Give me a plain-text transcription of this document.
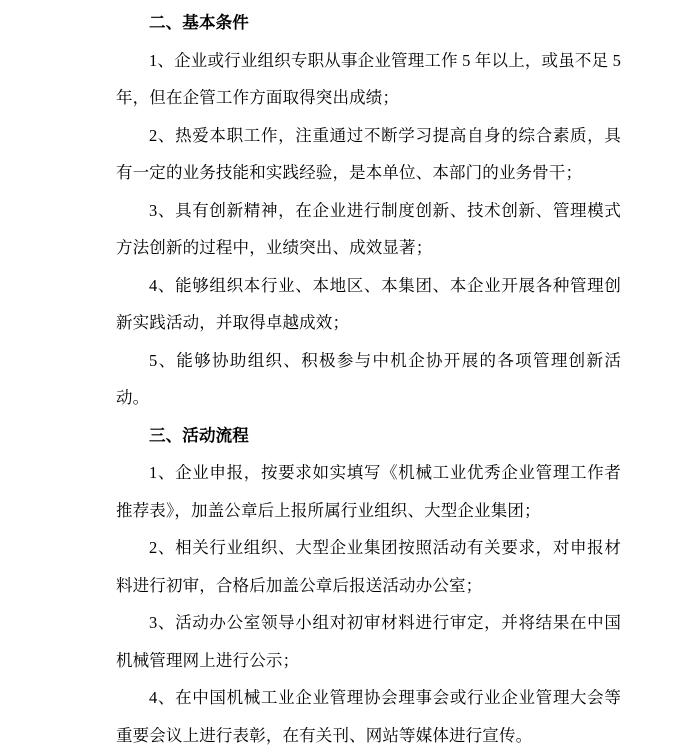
二、基本条件

1、企业或行业组织专职从事企业管理工作 5 年以上，或虽不足 5 年，但在企管工作方面取得突出成绩；

2、热爱本职工作，注重通过不断学习提高自身的综合素质，具有一定的业务技能和实践经验，是本单位、本部门的业务骨干；

3、具有创新精神，在企业进行制度创新、技术创新、管理模式方法创新的过程中，业绩突出、成效显著；

4、能够组织本行业、本地区、本集团、本企业开展各种管理创新实践活动，并取得卓越成效；

5、能够协助组织、积极参与中机企协开展的各项管理创新活动。

三、活动流程

1、企业申报，按要求如实填写《机械工业优秀企业管理工作者推荐表》，加盖公章后上报所属行业组织、大型企业集团；

2、相关行业组织、大型企业集团按照活动有关要求，对申报材料进行初审，合格后加盖公章后报送活动办公室；

3、活动办公室领导小组对初审材料进行审定，并将结果在中国机械管理网上进行公示；

4、在中国机械工业企业管理协会理事会或行业企业管理大会等重要会议上进行表彰，在有关刊、网站等媒体进行宣传。
